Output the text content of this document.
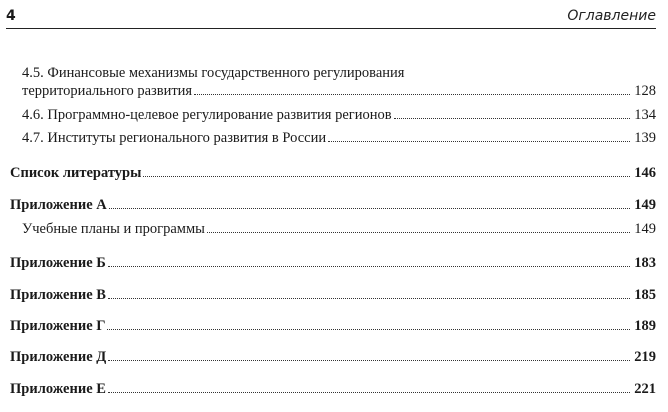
4	Оглавление
4.5. Финансовые механизмы государственного регулирования
территориального развития	128
4.6. Программно-целевое регулирование развития регионов	134
4.7. Институты регионального развития в России	139
Список литературы	146
Приложение А	149
Учебные планы и программы	149
Приложение Б	183
Приложение В	185
Приложение Г	189
Приложение Д	219
Приложение Е	221
